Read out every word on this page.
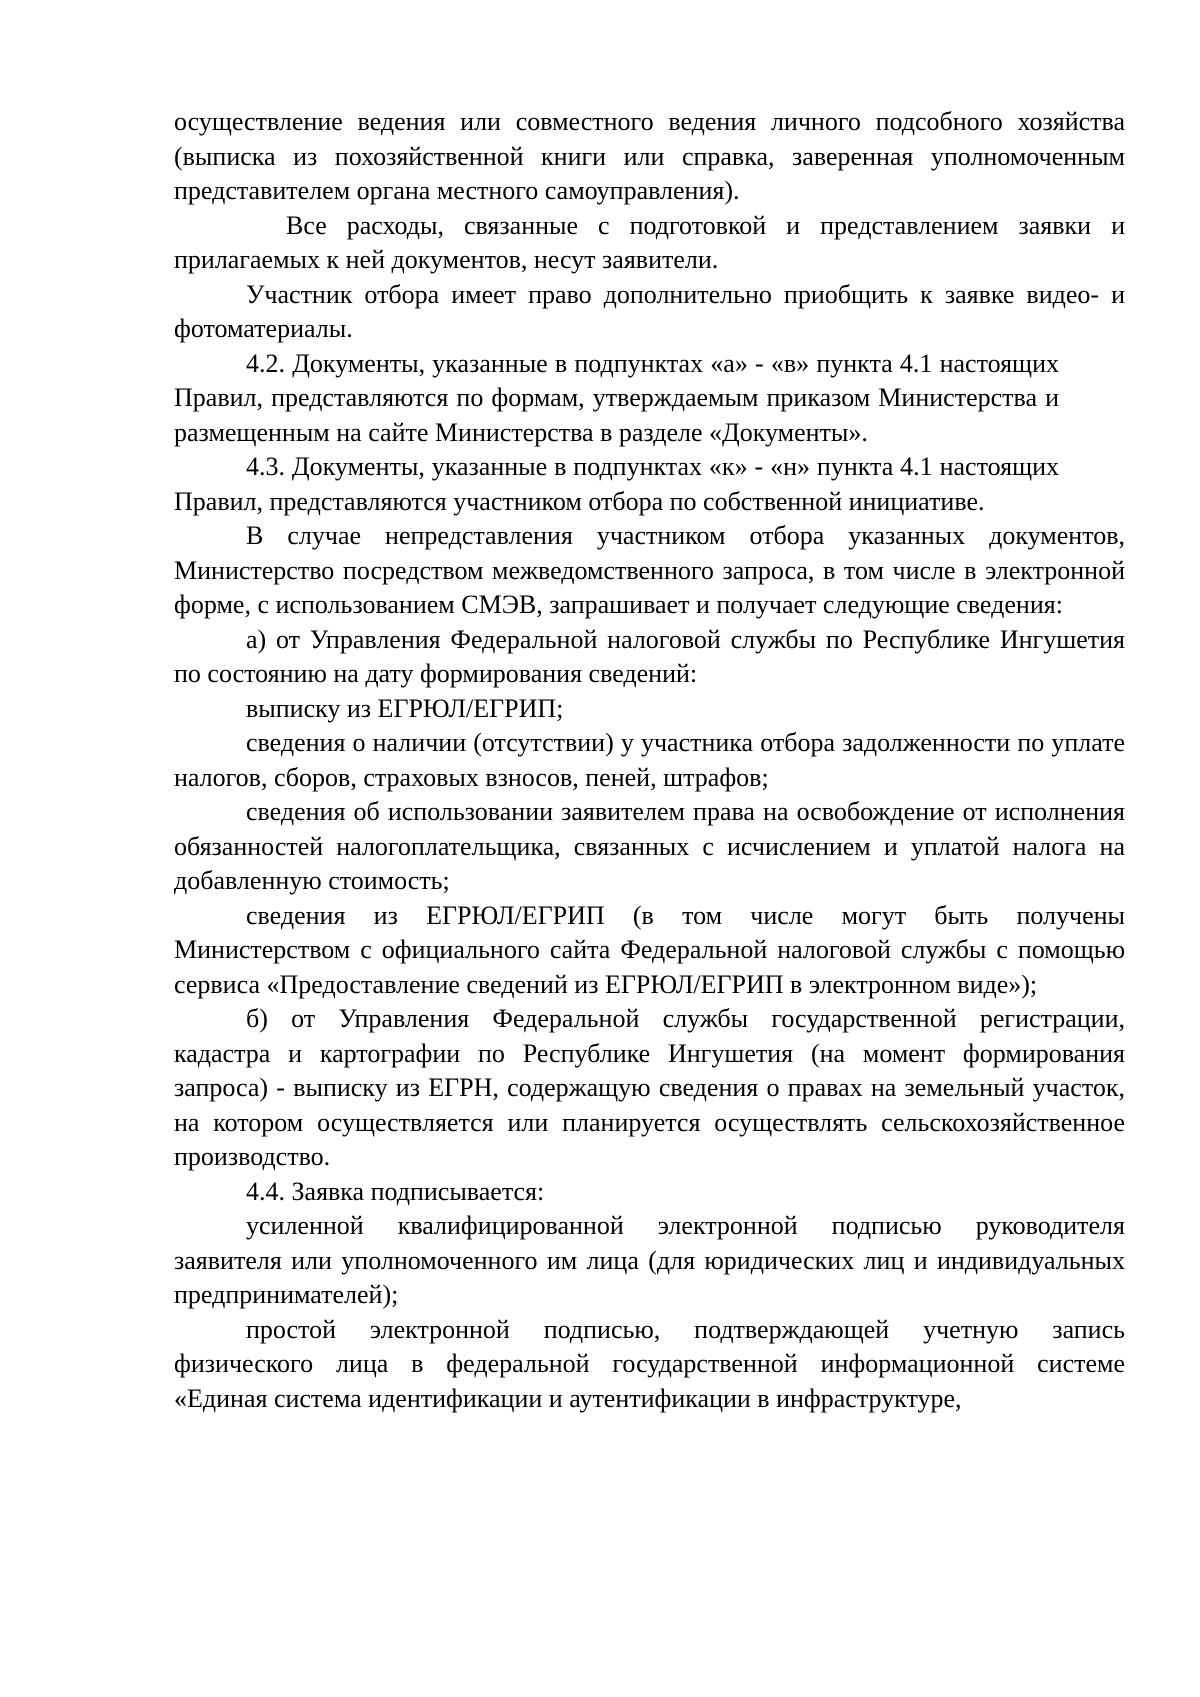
осуществление ведения или совместного ведения личного подсобного хозяйства (выписка из похозяйственной книги или справка, заверенная уполномоченным представителем органа местного самоуправления).

Все расходы, связанные с подготовкой и представлением заявки и прилагаемых к ней документов, несут заявители.

Участник отбора имеет право дополнительно приобщить к заявке видео- и фотоматериалы.

4.2. Документы, указанные в подпунктах «а» - «в» пункта 4.1 настоящих Правил, представляются по формам, утверждаемым приказом Министерства и размещенным на сайте Министерства в разделе «Документы».

4.3. Документы, указанные в подпунктах «к» - «н» пункта 4.1 настоящих Правил, представляются участником отбора по собственной инициативе.

В случае непредставления участником отбора указанных документов, Министерство посредством межведомственного запроса, в том числе в электронной форме, с использованием СМЭВ, запрашивает и получает следующие сведения:

а) от Управления Федеральной налоговой службы по Республике Ингушетия по состоянию на дату формирования сведений:

выписку из ЕГРЮЛ/ЕГРИП;

сведения о наличии (отсутствии) у участника отбора задолженности по уплате налогов, сборов, страховых взносов, пеней, штрафов;

сведения об использовании заявителем права на освобождение от исполнения обязанностей налогоплательщика, связанных с исчислением и уплатой налога на добавленную стоимость;

сведения из ЕГРЮЛ/ЕГРИП (в том числе могут быть получены Министерством с официального сайта Федеральной налоговой службы с помощью сервиса «Предоставление сведений из ЕГРЮЛ/ЕГРИП в электронном виде»);

б) от Управления Федеральной службы государственной регистрации, кадастра и картографии по Республике Ингушетия (на момент формирования запроса) - выписку из ЕГРН, содержащую сведения о правах на земельный участок, на котором осуществляется или планируется осуществлять сельскохозяйственное производство.

4.4. Заявка подписывается:

усиленной квалифицированной электронной подписью руководителя заявителя или уполномоченного им лица (для юридических лиц и индивидуальных предпринимателей);

простой электронной подписью, подтверждающей учетную запись физического лица в федеральной государственной информационной системе «Единая система идентификации и аутентификации в инфраструктуре,
